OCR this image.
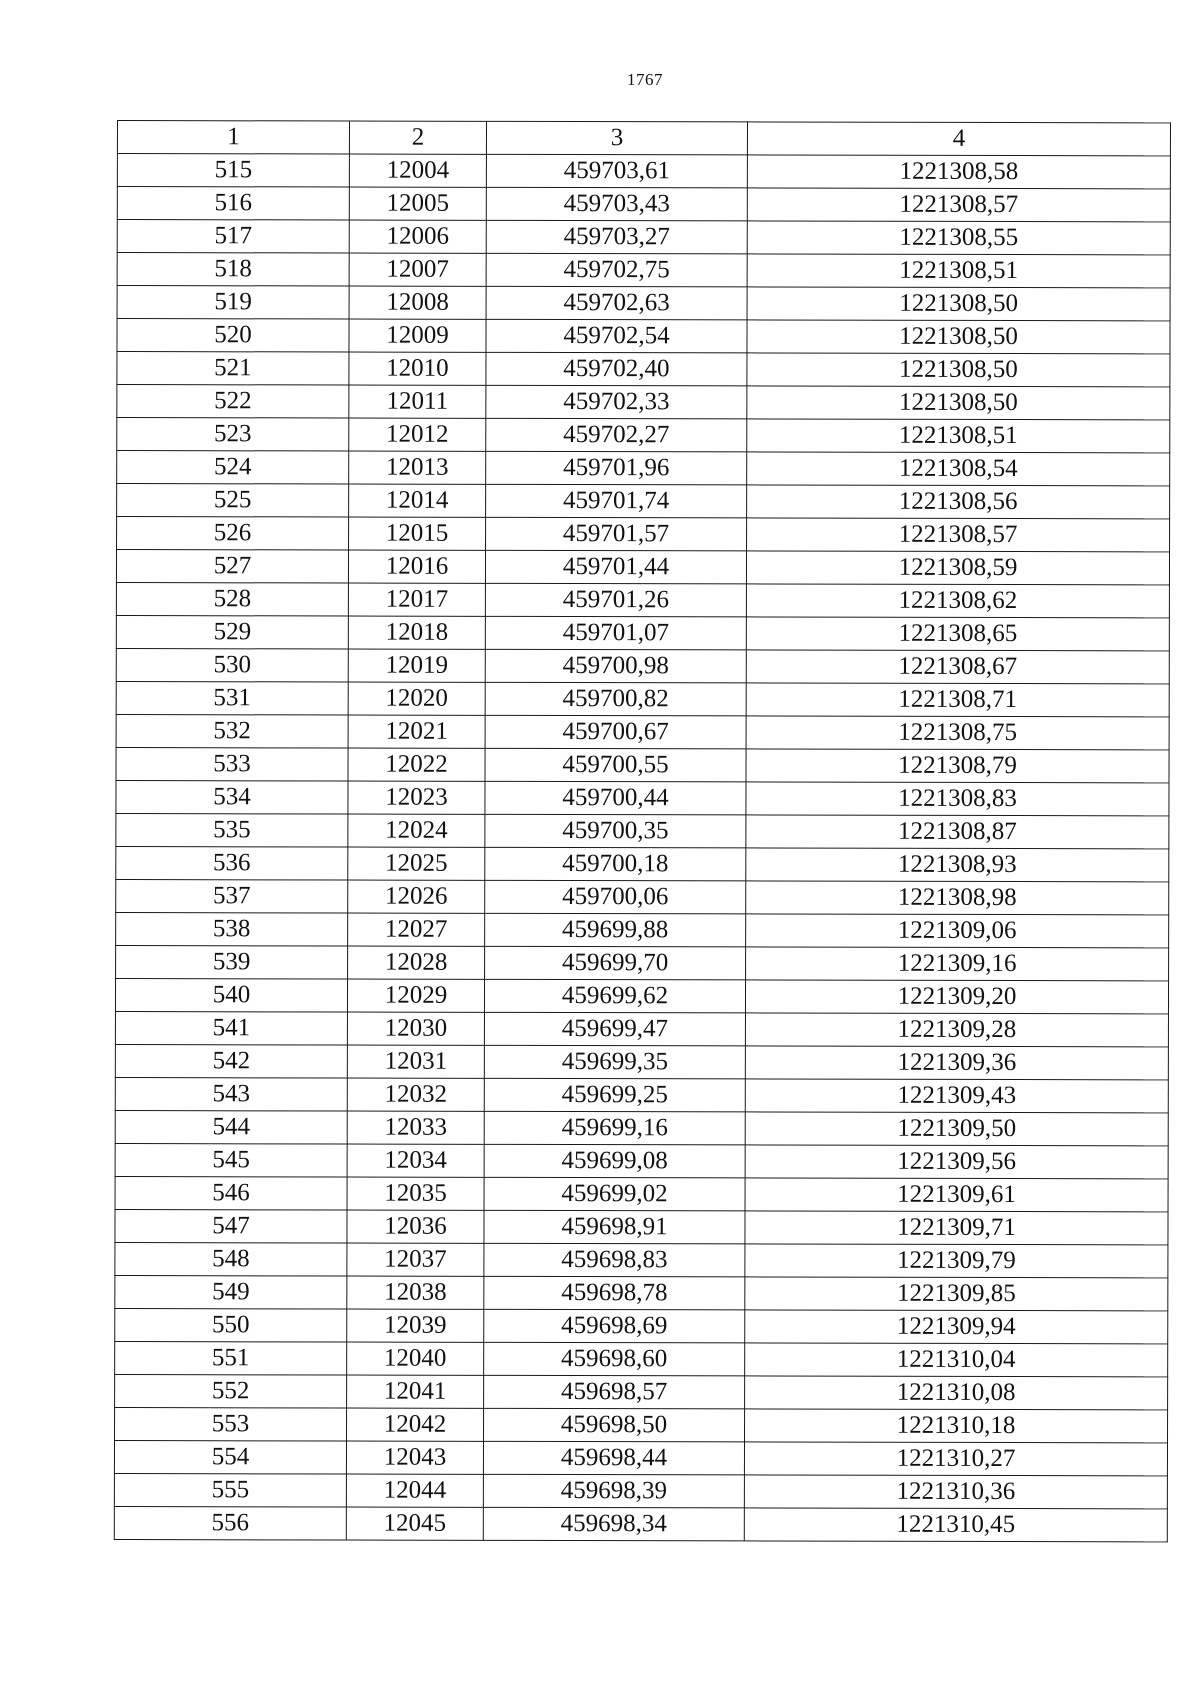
1767
1	2	3	4
515	12004	459703,61	1221308,58
516	12005	459703,43	1221308,57
517	12006	459703,27	1221308,55
518	12007	459702,75	1221308,51
519	12008	459702,63	1221308,50
520	12009	459702,54	1221308,50
521	12010	459702,40	1221308,50
522	12011	459702,33	1221308,50
523	12012	459702,27	1221308,51
524	12013	459701,96	1221308,54
525	12014	459701,74	1221308,56
526	12015	459701,57	1221308,57
527	12016	459701,44	1221308,59
528	12017	459701,26	1221308,62
529	12018	459701,07	1221308,65
530	12019	459700,98	1221308,67
531	12020	459700,82	1221308,71
532	12021	459700,67	1221308,75
533	12022	459700,55	1221308,79
534	12023	459700,44	1221308,83
535	12024	459700,35	1221308,87
536	12025	459700,18	1221308,93
537	12026	459700,06	1221308,98
538	12027	459699,88	1221309,06
539	12028	459699,70	1221309,16
540	12029	459699,62	1221309,20
541	12030	459699,47	1221309,28
542	12031	459699,35	1221309,36
543	12032	459699,25	1221309,43
544	12033	459699,16	1221309,50
545	12034	459699,08	1221309,56
546	12035	459699,02	1221309,61
547	12036	459698,91	1221309,71
548	12037	459698,83	1221309,79
549	12038	459698,78	1221309,85
550	12039	459698,69	1221309,94
551	12040	459698,60	1221310,04
552	12041	459698,57	1221310,08
553	12042	459698,50	1221310,18
554	12043	459698,44	1221310,27
555	12044	459698,39	1221310,36
556	12045	459698,34	1221310,45
